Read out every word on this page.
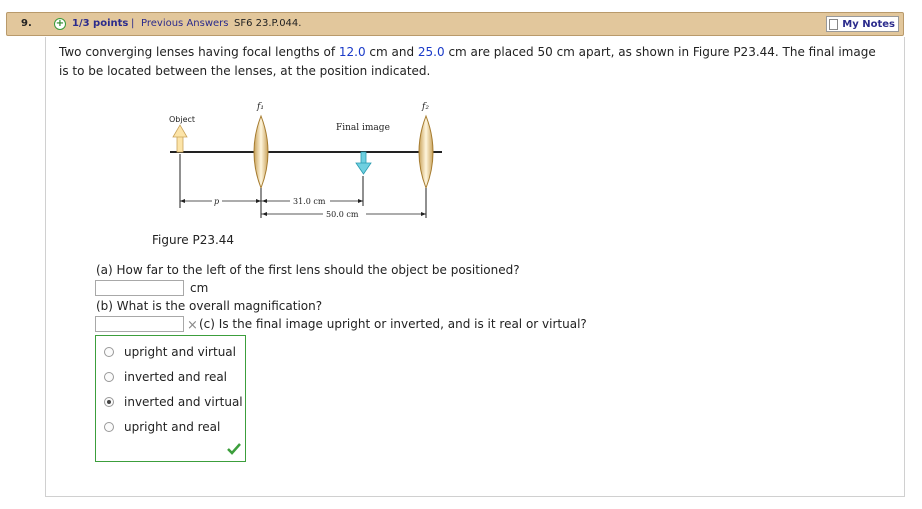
9. + 1/3 points | Previous Answers SF6 23.P.044.	My Notes
Two converging lenses having focal lengths of 12.0 cm and 25.0 cm are placed 50 cm apart, as shown in Figure P23.44. The final image is to be located between the lenses, at the position indicated.
Object
f₁	f₂
Final image
p	31.0 cm
50.0 cm
Figure P23.44
(a) How far to the left of the first lens should the object be positioned?
cm
(b) What is the overall magnification?
× (c) Is the final image upright or inverted, and is it real or virtual?
upright and virtual
inverted and real
inverted and virtual
upright and real
